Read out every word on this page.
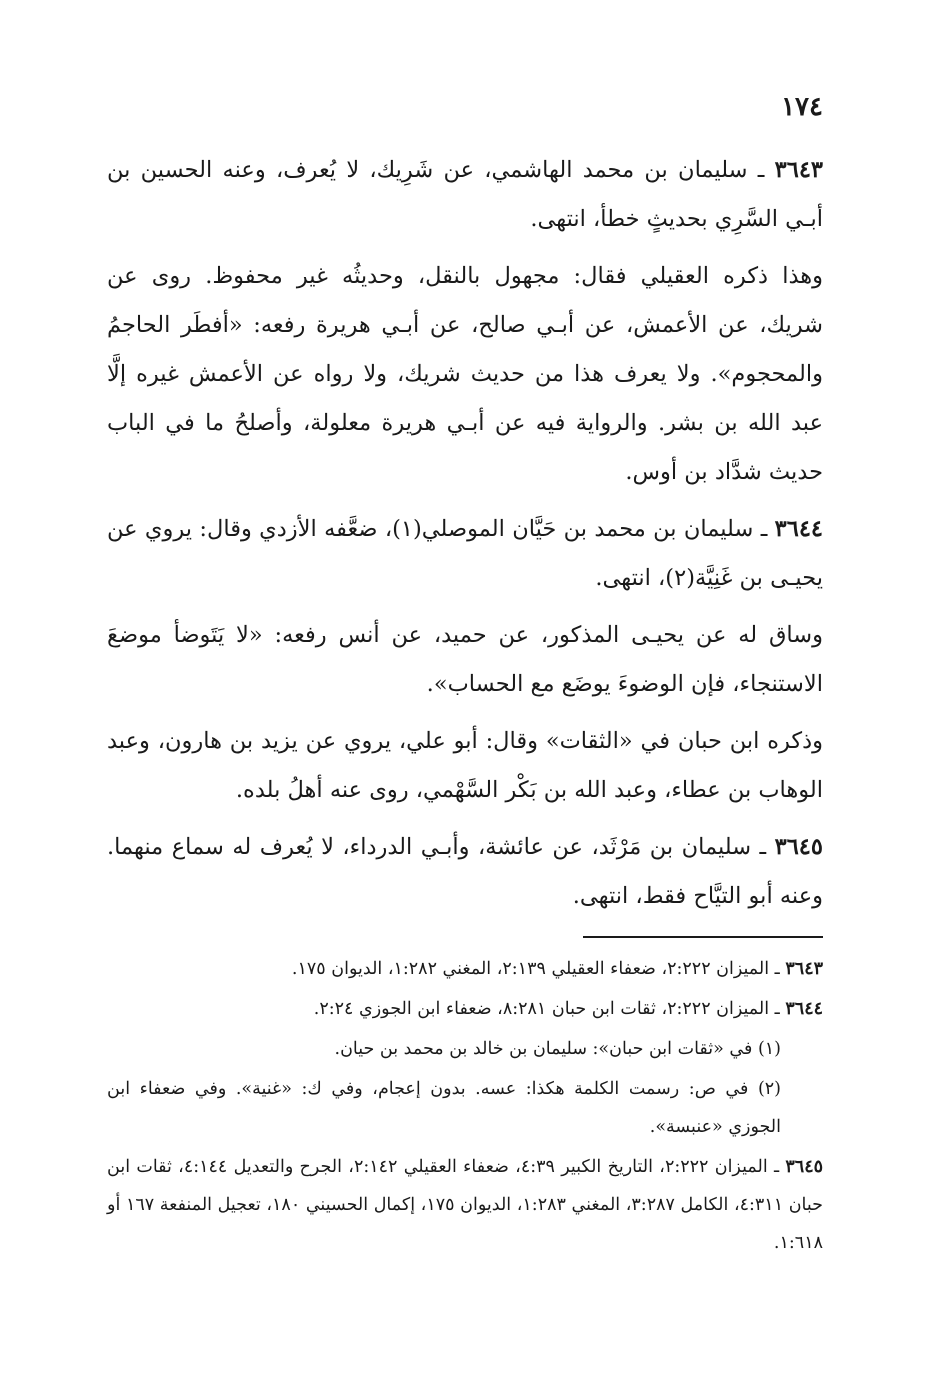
١٧٤

٣٦٤٣ ـ سليمان بن محمد الهاشمي، عن شَرِيك، لا يُعرف، وعنه الحسين بن أبـي السَّرِي بحديثٍ خطأ، انتهى.

وهذا ذكره العقيلي فقال: مجهول بالنقل، وحديثُه غير محفوظ. روى عن شريك، عن الأعمش، عن أبـي صالح، عن أبـي هريرة رفعه: «أفطَر الحاجمُ والمحجوم». ولا يعرف هذا من حديث شريك، ولا رواه عن الأعمش غيره إلَّا عبد الله بن بشر. والرواية فيه عن أبـي هريرة معلولة، وأصلحُ ما في الباب حديث شدَّاد بن أوس.

٣٦٤٤ ـ سليمان بن محمد بن حَيَّان الموصلي(١)، ضعَّفه الأزدي وقال: يروي عن يحيـى بن غَنِيَّة(٢)، انتهى.

وساق له عن يحيـى المذكور، عن حميد، عن أنس رفعه: «لا يَتَوضأ موضعَ الاستنجاء، فإن الوضوءَ يوضَع مع الحساب».

وذكره ابن حبان في «الثقات» وقال: أبو علي، يروي عن يزيد بن هارون، وعبد الوهاب بن عطاء، وعبد الله بن بَكْر السَّهْمي، روى عنه أهلُ بلده.

٣٦٤٥ ـ سليمان بن مَرْثَد، عن عائشة، وأبـي الدرداء، لا يُعرف له سماع منهما. وعنه أبو التيَّاح فقط، انتهى.

٣٦٤٣ ـ الميزان ٢:٢٢٢، ضعفاء العقيلي ٢:١٣٩، المغني ١:٢٨٢، الديوان ١٧٥.

٣٦٤٤ ـ الميزان ٢:٢٢٢، ثقات ابن حبان ٨:٢٨١، ضعفاء ابن الجوزي ٢:٢٤.

(١) في «ثقات ابن حبان»: سليمان بن خالد بن محمد بن حيان.

(٢) في ص: رسمت الكلمة هكذا: عسه. بدون إعجام، وفي ك: «غنية». وفي ضعفاء ابن الجوزي «عنبسة».

٣٦٤٥ ـ الميزان ٢:٢٢٢، التاريخ الكبير ٤:٣٩، ضعفاء العقيلي ٢:١٤٢، الجرح والتعديل ٤:١٤٤، ثقات ابن حبان ٤:٣١١، الكامل ٣:٢٨٧، المغني ١:٢٨٣، الديوان ١٧٥، إكمال الحسيني ١٨٠، تعجيل المنفعة ١٦٧ أو ١:٦١٨.
